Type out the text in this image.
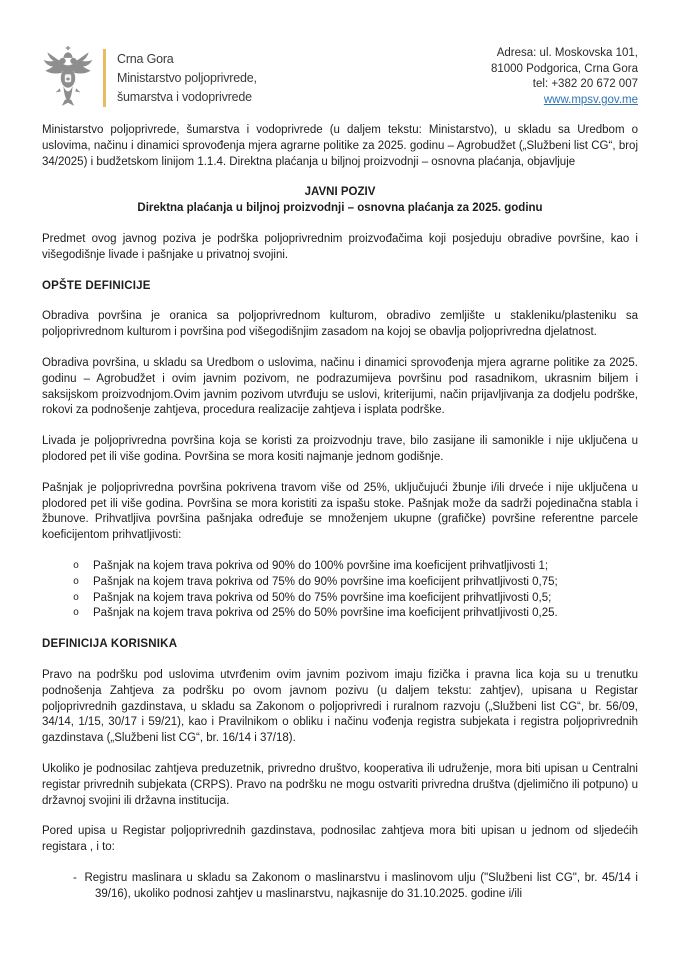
Crna Gora
Ministarstvo poljoprivrede,
šumarstva i vodoprivrede
Adresa: ul. Moskovska 101,
81000 Podgorica, Crna Gora
tel: +382 20 672 007
www.mpsv.gov.me

Ministarstvo poljoprivrede, šumarstva i vodoprivrede (u daljem tekstu: Ministarstvo), u skladu sa Uredbom o uslovima, načinu i dinamici sprovođenja mjera agrarne politike za 2025. godinu – Agrobudžet („Službeni list CG“, broj 34/2025) i budžetskom linijom 1.1.4. Direktna plaćanja u biljnoj proizvodnji – osnovna plaćanja, objavljuje

JAVNI POZIV
Direktna plaćanja u biljnoj proizvodnji – osnovna plaćanja za 2025. godinu

Predmet ovog javnog poziva je podrška poljoprivrednim proizvođačima koji posjeduju obradive površine, kao i višegodišnje livade i pašnjake u privatnoj svojini.

OPŠTE DEFINICIJE

Obradiva površina je oranica sa poljoprivrednom kulturom, obradivo zemljište u stakleniku/plasteniku sa poljoprivrednom kulturom i površina pod višegodišnjim zasadom na kojoj se obavlja poljoprivredna djelatnost.

Obradiva površina, u skladu sa Uredbom o uslovima, načinu i dinamici sprovođenja mjera agrarne politike za 2025. godinu – Agrobudžet i ovim javnim pozivom, ne podrazumijeva površinu pod rasadnikom, ukrasnim biljem i saksijskom proizvodnjom.Ovim javnim pozivom utvrđuju se uslovi, kriterijumi, način prijavljivanja za dodjelu podrške, rokovi za podnošenje zahtjeva, procedura realizacije zahtjeva i isplata podrške.

Livada je poljoprivredna površina koja se koristi za proizvodnju trave, bilo zasijane ili samonikle i nije uključena u plodored pet ili više godina. Površina se mora kositi najmanje jednom godišnje.

Pašnjak je poljoprivredna površina pokrivena travom više od 25%, uključujući žbunje i/ili drveće i nije uključena u plodored pet ili više godina. Površina se mora koristiti za ispašu stoke. Pašnjak može da sadrži pojedinačna stabla i žbunove. Prihvatljiva površina pašnjaka određuje se množenjem ukupne (grafičke) površine referentne parcele koeficijentom prihvatljivosti:

o	Pašnjak na kojem trava pokriva od 90% do 100% površine ima koeficijent prihvatljivosti 1;
o	Pašnjak na kojem trava pokriva od 75% do 90% površine ima koeficijent prihvatljivosti 0,75;
o	Pašnjak na kojem trava pokriva od 50% do 75% površine ima koeficijent prihvatljivosti 0,5;
o	Pašnjak na kojem trava pokriva od 25% do 50% površine ima koeficijent prihvatljivosti 0,25.
DEFINICIJA KORISNIKA

Pravo na podršku pod uslovima utvrđenim ovim javnim pozivom imaju fizička i pravna lica koja su u trenutku podnošenja Zahtjeva za podršku po ovom javnom pozivu (u daljem tekstu: zahtjev), upisana u Registar poljoprivrednih gazdinstava, u skladu sa Zakonom o poljoprivredi i ruralnom razvoju („Službeni list CG“, br. 56/09, 34/14, 1/15, 30/17 i 59/21), kao i Pravilnikom o obliku i načinu vođenja registra subjekata i registra poljoprivrednih gazdinstava („Službeni list CG“, br. 16/14 i 37/18).

Ukoliko je podnosilac zahtjeva preduzetnik, privredno društvo, kooperativa ili udruženje, mora biti upisan u Centralni registar privrednih subjekata (CRPS). Pravo na podršku ne mogu ostvariti privredna društva (djelimično ili potpuno) u državnoj svojini ili državna institucija.

Pored upisa u Registar poljoprivrednih gazdinstava, podnosilac zahtjeva mora biti upisan u jednom od sljedećih registara , i to:

- Registru maslinara u skladu sa Zakonom o maslinarstvu i maslinovom ulju ("Službeni list CG", br. 45/14 i 39/16), ukoliko podnosi zahtjev u maslinarstvu, najkasnije do 31.10.2025. godine i/ili
